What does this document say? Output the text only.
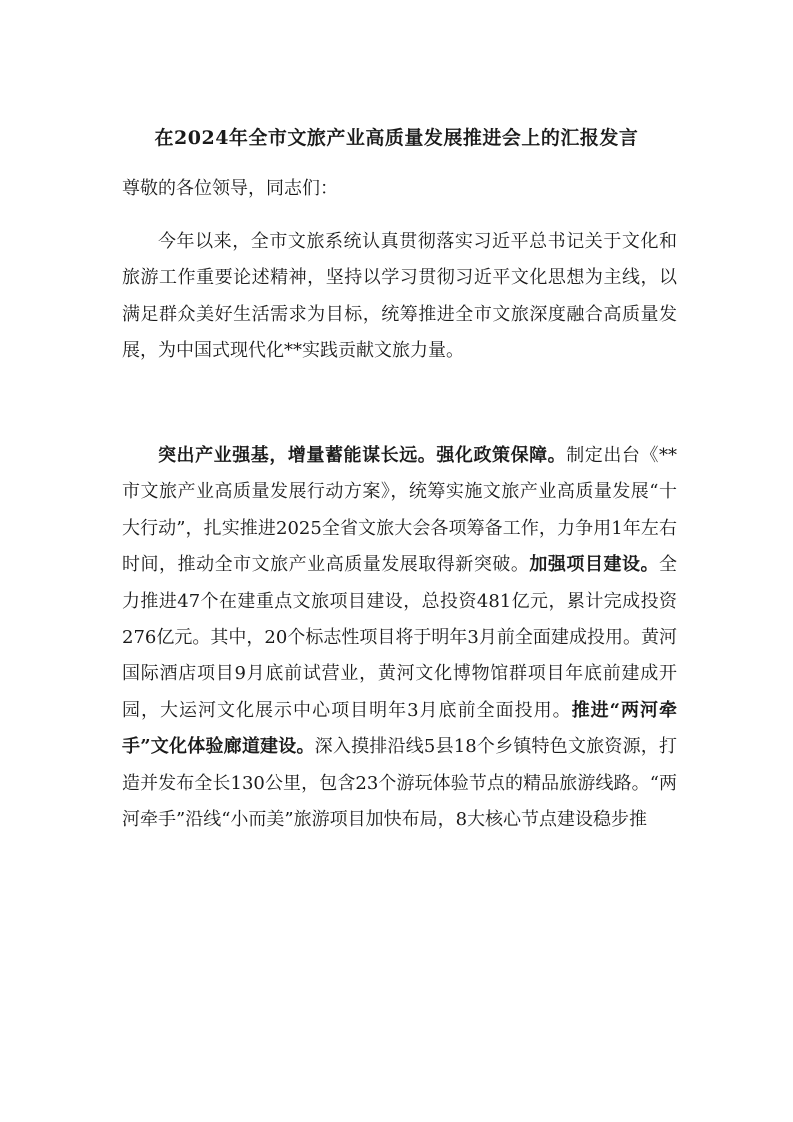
在2024年全市文旅产业高质量发展推进会上的汇报发言

尊敬的各位领导，同志们：

今年以来，全市文旅系统认真贯彻落实习近平总书记关于文化和旅游工作重要论述精神，坚持以学习贯彻习近平文化思想为主线，以满足群众美好生活需求为目标，统筹推进全市文旅深度融合高质量发展，为中国式现代化**实践贡献文旅力量。

突出产业强基，增量蓄能谋长远。强化政策保障。制定出台《**市文旅产业高质量发展行动方案》，统筹实施文旅产业高质量发展“十大行动”，扎实推进2025全省文旅大会各项筹备工作，力争用1年左右时间，推动全市文旅产业高质量发展取得新突破。加强项目建设。全力推进47个在建重点文旅项目建设，总投资481亿元，累计完成投资276亿元。其中，20个标志性项目将于明年3月前全面建成投用。黄河国际酒店项目9月底前试营业，黄河文化博物馆群项目年底前建成开园，大运河文化展示中心项目明年3月底前全面投用。推进“两河牵手”文化体验廊道建设。深入摸排沿线5县18个乡镇特色文旅资源，打造并发布全长130公里，包含23个游玩体验节点的精品旅游线路。“两河牵手”沿线“小而美”旅游项目加快布局，8大核心节点建设稳步推
